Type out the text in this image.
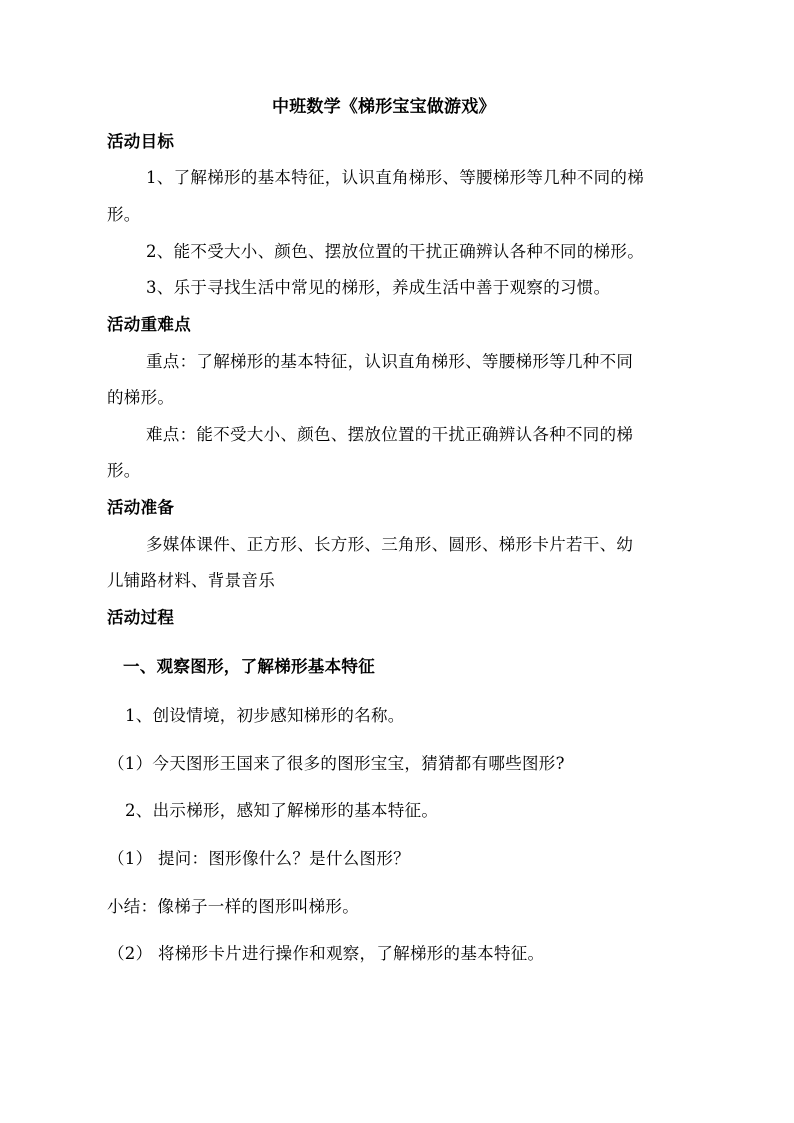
中班数学《梯形宝宝做游戏》
活动目标
1、了解梯形的基本特征，认识直角梯形、等腰梯形等几种不同的梯
形。
2、能不受大小、颜色、摆放位置的干扰正确辨认各种不同的梯形。
3、乐于寻找生活中常见的梯形，养成生活中善于观察的习惯。
活动重难点
重点：了解梯形的基本特征，认识直角梯形、等腰梯形等几种不同
的梯形。
难点：能不受大小、颜色、摆放位置的干扰正确辨认各种不同的梯
形。
活动准备
多媒体课件、正方形、长方形、三角形、圆形、梯形卡片若干、幼
儿铺路材料、背景音乐
活动过程
一、观察图形，了解梯形基本特征
1、创设情境，初步感知梯形的名称。
（1）今天图形王国来了很多的图形宝宝，猜猜都有哪些图形?
2、出示梯形，感知了解梯形的基本特征。
（1） 提问：图形像什么？是什么图形？
小结：像梯子一样的图形叫梯形。
（2） 将梯形卡片进行操作和观察，了解梯形的基本特征。
